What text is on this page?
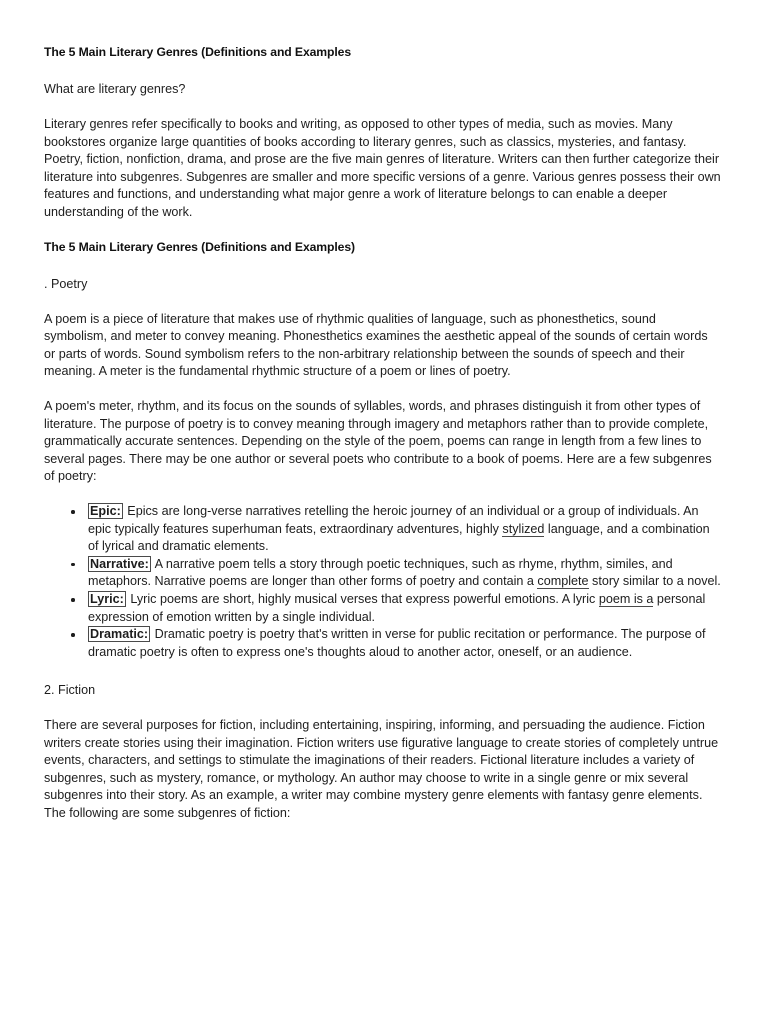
The 5 Main Literary Genres (Definitions and Examples

What are literary genres?

Literary genres refer specifically to books and writing, as opposed to other types of media, such as movies. Many bookstores organize large quantities of books according to literary genres, such as classics, mysteries, and fantasy. Poetry, fiction, nonfiction, drama, and prose are the five main genres of literature. Writers can then further categorize their literature into subgenres. Subgenres are smaller and more specific versions of a genre. Various genres possess their own features and functions, and understanding what major genre a work of literature belongs to can enable a deeper understanding of the work.

The 5 Main Literary Genres (Definitions and Examples)

. Poetry

A poem is a piece of literature that makes use of rhythmic qualities of language, such as phonesthetics, sound symbolism, and meter to convey meaning. Phonesthetics examines the aesthetic appeal of the sounds of certain words or parts of words. Sound symbolism refers to the non-arbitrary relationship between the sounds of speech and their meaning. A meter is the fundamental rhythmic structure of a poem or lines of poetry.

A poem's meter, rhythm, and its focus on the sounds of syllables, words, and phrases distinguish it from other types of literature. The purpose of poetry is to convey meaning through imagery and metaphors rather than to provide complete, grammatically accurate sentences. Depending on the style of the poem, poems can range in length from a few lines to several pages. There may be one author or several poets who contribute to a book of poems. Here are a few subgenres of poetry:

Epic: Epics are long-verse narratives retelling the heroic journey of an individual or a group of individuals. An epic typically features superhuman feats, extraordinary adventures, highly stylized language, and a combination of lyrical and dramatic elements.
Narrative: A narrative poem tells a story through poetic techniques, such as rhyme, rhythm, similes, and metaphors. Narrative poems are longer than other forms of poetry and contain a complete story similar to a novel.
Lyric: Lyric poems are short, highly musical verses that express powerful emotions. A lyric poem is a personal expression of emotion written by a single individual.
Dramatic: Dramatic poetry is poetry that's written in verse for public recitation or performance. The purpose of dramatic poetry is often to express one's thoughts aloud to another actor, oneself, or an audience.

2. Fiction

There are several purposes for fiction, including entertaining, inspiring, informing, and persuading the audience. Fiction writers create stories using their imagination. Fiction writers use figurative language to create stories of completely untrue events, characters, and settings to stimulate the imaginations of their readers. Fictional literature includes a variety of subgenres, such as mystery, romance, or mythology. An author may choose to write in a single genre or mix several subgenres into their story. As an example, a writer may combine mystery genre elements with fantasy genre elements. The following are some subgenres of fiction:
